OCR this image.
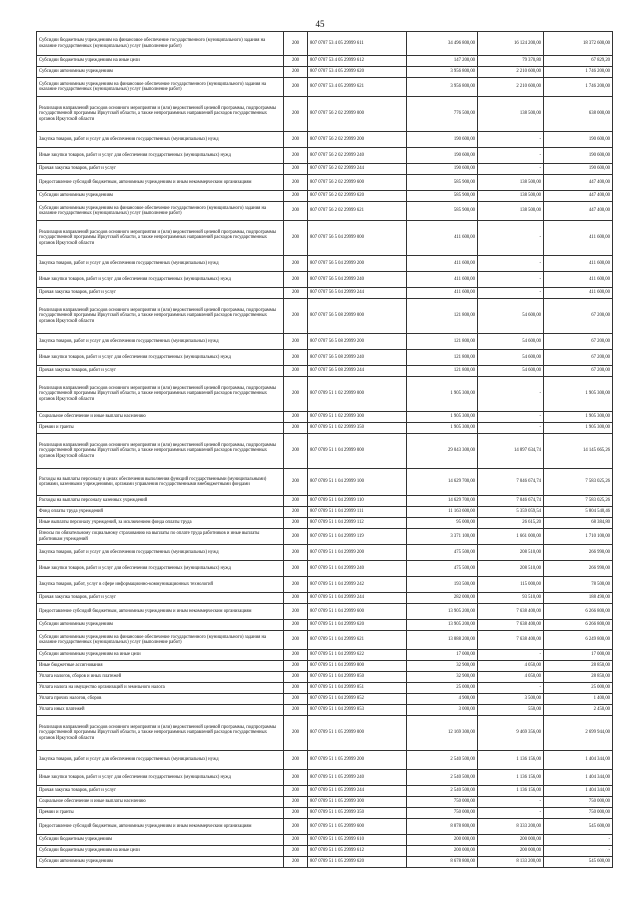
45
Субсидии бюджетным учреждениям на финансовое обеспечение государственного (муниципального) задания на оказание государственных (муниципальных) услуг (выполнение работ)	200	807 0707 53 4 05 29999 611	34 496 800,00	16 124 200,00	18 372 600,00
Субсидии бюджетным учреждениям на иные цели	200	807 0707 53 4 05 29999 612	147 200,00	79 370,80	67 829,20
Субсидии автономным учреждениям	200	807 0707 53 4 05 29999 620	3 956 800,00	2 210 600,00	1 746 200,00
Субсидии автономным учреждениям на финансовое обеспечение государственного (муниципального) задания на оказание государственных (муниципальных) услуг (выполнение работ)	200	807 0707 53 4 05 29999 621	3 956 800,00	2 210 600,00	1 746 200,00
Реализация направлений расходов основного мероприятия и (или) ведомственной целевой программы, подпрограммы государственной программы Иркутской области, а также непрограммных направлений расходов государственных органов Иркутской области	200	807 0707 56 2 02 29999 000	776 500,00	138 500,00	638 000,00
Закупка товаров, работ и услуг для обеспечения государственных (муниципальных) нужд	200	807 0707 56 2 02 29999 200	190 600,00	-	190 600,00
Иные закупки товаров, работ и услуг для обеспечения государственных (муниципальных) нужд	200	807 0707 56 2 02 29999 240	190 600,00	-	190 600,00
Прочая закупка товаров, работ и услуг	200	807 0707 56 2 02 29999 244	190 600,00	-	190 600,00
Предоставление субсидий бюджетным, автономным учреждениям и иным некоммерческим организациям	200	807 0707 56 2 02 29999 600	585 900,00	138 500,00	447 400,00
Субсидии автономным учреждениям	200	807 0707 56 2 02 29999 620	585 900,00	138 500,00	447 400,00
Субсидии автономным учреждениям на финансовое обеспечение государственного (муниципального) задания на оказание государственных (муниципальных) услуг (выполнение работ)	200	807 0707 56 2 02 29999 621	585 900,00	138 500,00	447 400,00
Реализация направлений расходов основного мероприятия и (или) ведомственной целевой программы, подпрограммы государственной программы Иркутской области, а также непрограммных направлений расходов государственных органов Иркутской области	200	807 0707 56 5 04 29999 000	411 600,00	-	411 600,00
Закупка товаров, работ и услуг для обеспечения государственных (муниципальных) нужд	200	807 0707 56 5 04 29999 200	411 600,00	-	411 600,00
Иные закупки товаров, работ и услуг для обеспечения государственных (муниципальных) нужд	200	807 0707 56 5 04 29999 240	411 600,00	-	411 600,00
Прочая закупка товаров, работ и услуг	200	807 0707 56 5 04 29999 244	411 600,00	-	411 600,00
Реализация направлений расходов основного мероприятия и (или) ведомственной целевой программы, подпрограммы государственной программы Иркутской области, а также непрограммных направлений расходов государственных органов Иркутской области	200	807 0707 56 5 08 29999 000	121 800,00	54 600,00	67 200,00
Закупка товаров, работ и услуг для обеспечения государственных (муниципальных) нужд	200	807 0707 56 5 08 29999 200	121 800,00	54 600,00	67 200,00
Иные закупки товаров, работ и услуг для обеспечения государственных (муниципальных) нужд	200	807 0707 56 5 08 29999 240	121 800,00	54 600,00	67 200,00
Прочая закупка товаров, работ и услуг	200	807 0707 56 5 08 29999 244	121 800,00	54 600,00	67 200,00
Реализация направлений расходов основного мероприятия и (или) ведомственной целевой программы, подпрограммы государственной программы Иркутской области, а также непрограммных направлений расходов государственных органов Иркутской области	200	807 0709 51 1 02 29999 000	1 905 300,00	-	1 905 300,00
Социальное обеспечение и иные выплаты населению	200	807 0709 51 1 02 29999 300	1 905 300,00	-	1 905 300,00
Премии и гранты	200	807 0709 51 1 02 29999 350	1 905 300,00	-	1 905 300,00
Реализация направлений расходов основного мероприятия и (или) ведомственной целевой программы, подпрограммы государственной программы Иркутской области, а также непрограммных направлений расходов государственных органов Иркутской области	200	807 0709 51 1 04 29999 000	29 043 300,00	14 897 634,74	14 145 665,26
Расходы на выплаты персоналу в целях обеспечения выполнения функций государственными (муниципальными) органами, казенными учреждениями, органами управления государственными внебюджетными фондами	200	807 0709 51 1 04 29999 100	14 629 700,00	7 046 674,74	7 583 025,26
Расходы на выплаты персоналу казенных учреждений	200	807 0709 51 1 04 29999 110	14 629 700,00	7 046 674,74	7 583 025,26
Фонд оплаты труда учреждений	200	807 0709 51 1 04 29999 111	11 163 600,00	5 359 059,54	5 804 540,46
Иные выплаты персоналу учреждений, за исключением фонда оплаты труда	200	807 0709 51 1 04 29999 112	95 000,00	26 615,20	68 384,80
Взносы по обязательному социальному страхованию на выплаты по оплате труда работников и иные выплаты работникам учреждений	200	807 0709 51 1 04 29999 119	3 371 100,00	1 661 000,00	1 710 100,00
Закупка товаров, работ и услуг для обеспечения государственных (муниципальных) нужд	200	807 0709 51 1 04 29999 200	475 500,00	208 510,00	266 990,00
Иные закупки товаров, работ и услуг для обеспечения государственных (муниципальных) нужд	200	807 0709 51 1 04 29999 240	475 500,00	208 510,00	266 990,00
Закупка товаров, работ, услуг в сфере информационно-коммуникационных технологий	200	807 0709 51 1 04 29999 242	193 500,00	115 000,00	78 500,00
Прочая закупка товаров, работ и услуг	200	807 0709 51 1 04 29999 244	282 000,00	93 510,00	188 490,00
Предоставление субсидий бюджетным, автономным учреждениям и иным некоммерческим организациям	200	807 0709 51 1 04 29999 600	13 905 200,00	7 638 400,00	6 266 800,00
Субсидии автономным учреждениям	200	807 0709 51 1 04 29999 620	13 905 200,00	7 638 400,00	6 266 800,00
Субсидии автономным учреждениям на финансовое обеспечение государственного (муниципального) задания на оказание государственных (муниципальных) услуг (выполнение работ)	200	807 0709 51 1 04 29999 621	13 888 200,00	7 638 400,00	6 249 800,00
Субсидии автономным учреждениям на иные цели	200	807 0709 51 1 04 29999 622	17 000,00	-	17 000,00
Иные бюджетные ассигнования	200	807 0709 51 1 04 29999 800	32 900,00	4 050,00	28 850,00
Уплата налогов, сборов и иных платежей	200	807 0709 51 1 04 29999 850	32 900,00	4 050,00	28 850,00
Уплата налога на имущество организаций и земельного налога	200	807 0709 51 1 04 29999 851	25 000,00	-	25 000,00
Уплата прочих налогов, сборов	200	807 0709 51 1 04 29999 852	4 900,00	3 500,00	1 400,00
Уплата иных платежей	200	807 0709 51 1 04 29999 853	3 000,00	550,00	2 450,00
Реализация направлений расходов основного мероприятия и (или) ведомственной целевой программы, подпрограммы государственной программы Иркутской области, а также непрограммных направлений расходов государственных органов Иркутской области	200	807 0709 51 1 05 29999 000	12 169 300,00	9 469 356,00	2 699 944,00
Закупка товаров, работ и услуг для обеспечения государственных (муниципальных) нужд	200	807 0709 51 1 05 29999 200	2 540 500,00	1 136 156,00	1 404 344,00
Иные закупки товаров, работ и услуг для обеспечения государственных (муниципальных) нужд	200	807 0709 51 1 05 29999 240	2 540 500,00	1 136 156,00	1 404 344,00
Прочая закупка товаров, работ и услуг	200	807 0709 51 1 05 29999 244	2 540 500,00	1 136 156,00	1 404 344,00
Социальное обеспечение и иные выплаты населению	200	807 0709 51 1 05 29999 300	750 000,00	-	750 000,00
Премии и гранты	200	807 0709 51 1 05 29999 350	750 000,00	-	750 000,00
Предоставление субсидий бюджетным, автономным учреждениям и иным некоммерческим организациям	200	807 0709 51 1 05 29999 600	8 878 800,00	8 333 200,00	545 600,00
Субсидии бюджетным учреждениям	200	807 0709 51 1 05 29999 610	200 000,00	200 000,00	-
Субсидии бюджетным учреждениям на иные цели	200	807 0709 51 1 05 29999 612	200 000,00	200 000,00	-
Субсидии автономным учреждениям	200	807 0709 51 1 05 29999 620	8 678 800,00	8 133 200,00	545 600,00
